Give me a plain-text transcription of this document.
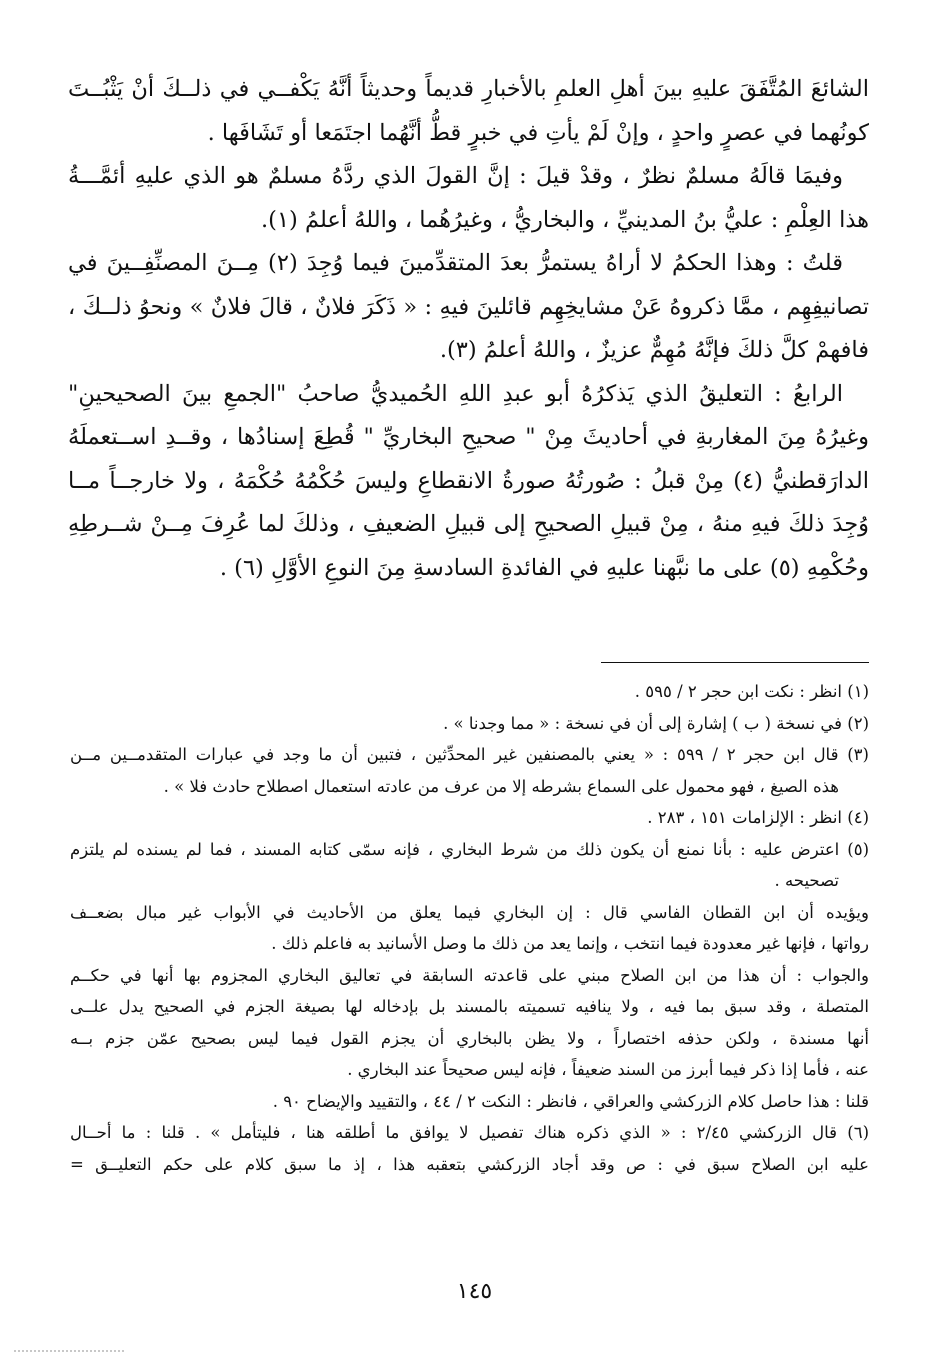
الشائعَ المُتَّفَقَ عليهِ بينَ أهلِ العلمِ بالأخبارِ قديماً وحديثاً أنَّهُ يَكْفــي في ذلــكَ أنْ يَثْبُــتَ

كونُهما في عصرٍ واحدٍ ، وإنْ لَمْ يأتِ في خبرٍ قطُّ أنَّهُما اجتَمَعا أو تَشَافَها .

وفيمَا قالَهُ مسلمٌ نظرٌ ، وقدْ قيلَ : إنَّ القولَ الذي ردَّهُ مسلمٌ هو الذي عليهِ أئمَّـــةُ

هذا العِلْمِ : عليُّ بنُ المدينيِّ ، والبخاريُّ ، وغيرُهُما ، واللهُ أعلمُ (١).

قلتُ : وهذا الحكمُ لا أراهُ يستمرُّ بعدَ المتقدِّمينَ فيما وُجِدَ (٢) مِــنَ المصنِّفِــينَ في

تصانيفِهِم ، ممَّا ذكروهُ عَنْ مشايخِهِم قائلينَ فيهِ : « ذَكَرَ فلانٌ ، قالَ فلانٌ » ونحوُ ذلــكَ ،

فافهمْ كلَّ ذلكَ فإنَّهُ مُهِمٌّ عزيزٌ ، واللهُ أعلمُ (٣).

الرابعُ : التعليقُ الذي يَذكرُهُ أبو عبدِ اللهِ الحُميديُّ صاحبُ "الجمعِ بينَ الصحيحينِ"

وغيرُهُ مِنَ المغاربةِ في أحاديثَ مِنْ " صحيحِ البخاريِّ " قُطِعَ إسنادُها ، وقــدِ اســتعملَهُ

الدارَقطنيُّ (٤) مِنْ قبلُ : صُورتُهُ صورةُ الانقطاعِ وليسَ حُكْمُهُ حُكْمَهُ ، ولا خارجــاً مــا

وُجِدَ ذلكَ فيهِ منهُ ، مِنْ قبيلِ الصحيحِ إلى قبيلِ الضعيفِ ، وذلكَ لما عُرِفَ مِــنْ شــرطِهِ

وحُكْمِهِ (٥) على ما نبَّهنا عليهِ في الفائدةِ السادسةِ مِنَ النوعِ الأوَّلِ (٦) .

(١) انظر : نكت ابن حجر ٢ / ٥٩٥ .

(٢) في نسخة ( ب ) إشارة إلى أن في نسخة : « مما وجدنا » .

(٣) قال ابن حجر ٢ / ٥٩٩ : « يعني بالمصنفين غير المحدِّثين ، فتبين أن ما وجد في عبارات المتقدمــين مــن

هذه الصيغ ، فهو محمول على السماع بشرطه إلا من عرف من عادته استعمال اصطلاح حادث فلا » .

(٤) انظر : الإلزامات ١٥١ ، ٢٨٣ .

(٥) اعترض عليه : بأنا نمنع أن يكون ذلك من شرط البخاري ، فإنه سمّى كتابه المسند ، فما لم يسنده لم يلتزم

تصحيحه .

ويؤيده أن ابن القطان الفاسي قال : إن البخاري فيما يعلق من الأحاديث في الأبواب غير مبال بضعــف

رواتها ، فإنها غير معدودة فيما انتخب ، وإنما يعد من ذلك ما وصل الأسانيد به فاعلم ذلك .

والجواب : أن هذا من ابن الصلاح مبني على قاعدته السابقة في تعاليق البخاري المجزوم بها أنها في حكــم

المتصلة ، وقد سبق بما فيه ، ولا ينافيه تسميته بالمسند بل بإدخاله لها بصيغة الجزم في الصحيح يدل علــى

أنها مسندة ، ولكن حذفه اختصاراً ، ولا يظن بالبخاري أن يجزم القول فيما ليس بصحيح عمّن جزم بــه

عنه ، فأما إذا ذكر فيما أبرز من السند ضعيفاً ، فإنه ليس صحيحاً عند البخاري .

قلنا : هذا حاصل كلام الزركشي والعراقي ، فانظر : النكت ٢ / ٤٤ ، والتقييد والإيضاح ٩٠ .

(٦) قال الزركشي ٢/٤٥ : « الذي ذكره هناك تفصيل لا يوافق ما أطلقه هنا ، فليتأمل » . قلنا : ما أحــال

عليه ابن الصلاح سبق في : ص وقد أجاد الزركشي بتعقبه هذا ، إذ ما سبق كلام على حكم التعليــق =

١٤٥
